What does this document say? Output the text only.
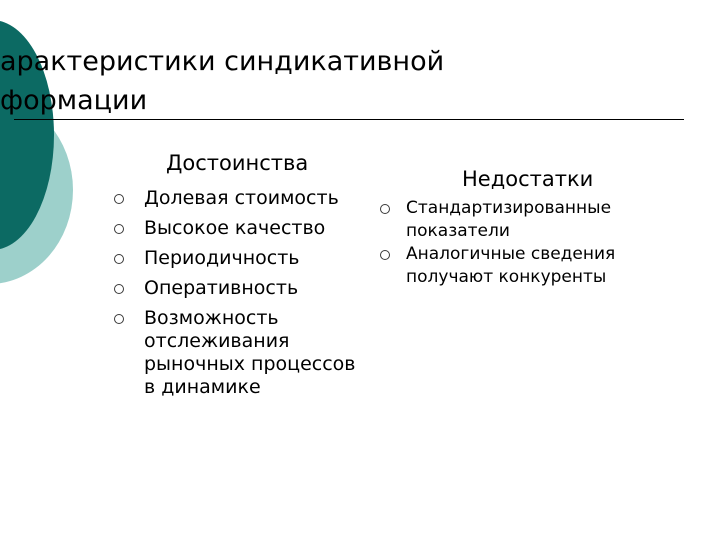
арактеристики синдикативной
формации
Достоинства
Долевая стоимость
Высокое качество
Периодичность
Оперативность
Возможность
отслеживания
рыночных процессов
в динамике
Недостатки
Стандартизированные
показатели
Аналогичные сведения
получают конкуренты
